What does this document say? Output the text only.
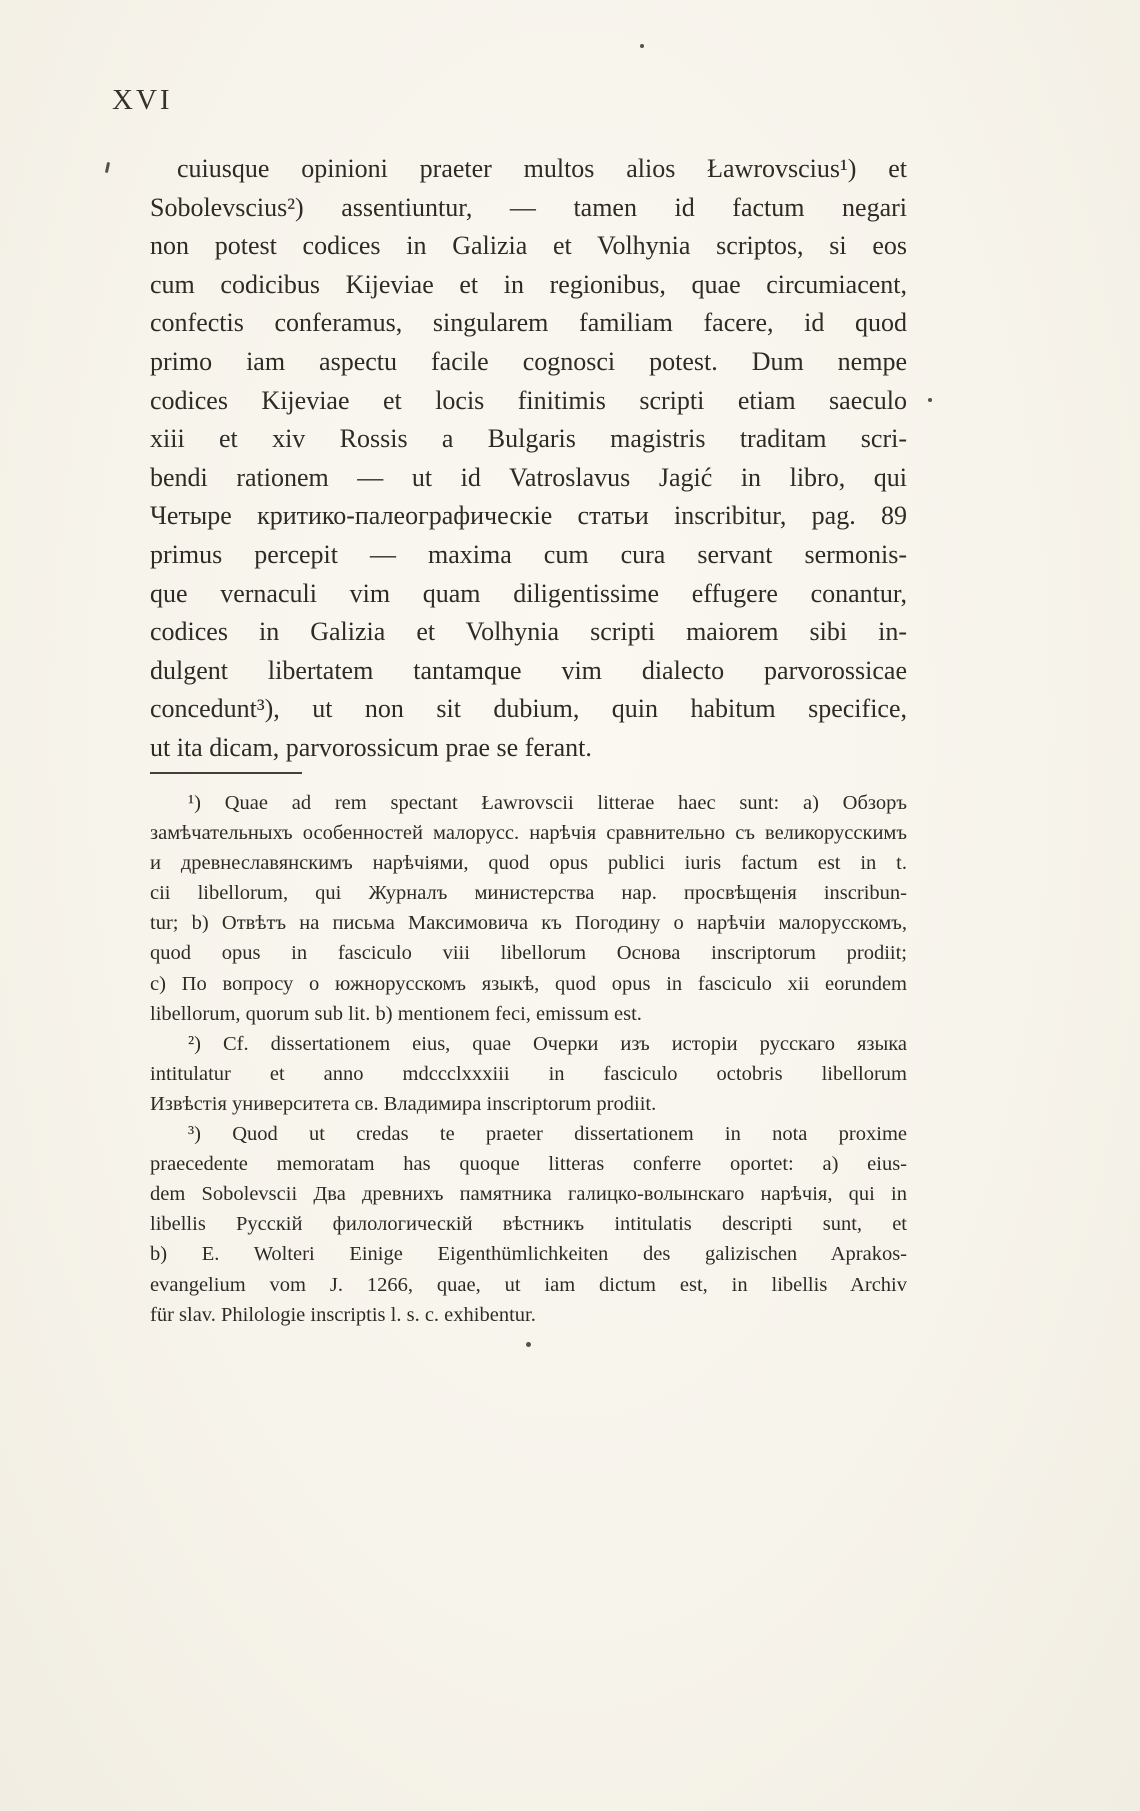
XVI
cuiusque opinioni praeter multos alios Ławrovscius¹) et
Sobolevscius²) assentiuntur, — tamen id factum negari
non potest codices in Galizia et Volhynia scriptos, si eos
cum codicibus Kijeviae et in regionibus, quae circumiacent,
confectis conferamus, singularem familiam facere, id quod
primo iam aspectu facile cognosci potest. Dum nempe
codices Kijeviae et locis finitimis scripti etiam saeculo
xiii et xiv Rossis a Bulgaris magistris traditam scri-
bendi rationem — ut id Vatroslavus Jagić in libro, qui
Четыре критико-палеографическіе статьи inscribitur, pag. 89
primus percepit — maxima cum cura servant sermonis-
que vernaculi vim quam diligentissime effugere conantur,
codices in Galizia et Volhynia scripti maiorem sibi in-
dulgent libertatem tantamque vim dialecto parvorossicae
concedunt³), ut non sit dubium, quin habitum specifice,
ut ita dicam, parvorossicum prae se ferant.
¹) Quae ad rem spectant Ławrovscii litterae haec sunt: a) Обзоръ
замѣчательныхъ особенностей малорусс. нарѣчія сравнительно съ великорусскимъ
и древнеславянскимъ нарѣчіями, quod opus publici iuris factum est in t.
cii libellorum, qui Журналъ министерства нар. просвѣщенія inscribun-
tur; b) Отвѣтъ на письма Максимовича къ Погодину о нарѣчіи малорусскомъ,
quod opus in fasciculo viii libellorum Основа inscriptorum prodiit;
c) По вопросу о южнорусскомъ языкѣ, quod opus in fasciculo xii eorundem
libellorum, quorum sub lit. b) mentionem feci, emissum est.
²) Cf. dissertationem eius, quae Очерки изъ исторіи русскаго языка
intitulatur et anno mdccclxxxiii in fasciculo octobris libellorum
Извѣстія университета св. Владимира inscriptorum prodiit.
³) Quod ut credas te praeter dissertationem in nota proxime
praecedente memoratam has quoque litteras conferre oportet: a) eius-
dem Sobolevscii Два древнихъ памятника галицко-волынскаго нарѣчія, qui in
libellis Русскій филологическій вѣстникъ intitulatis descripti sunt, et
b) E. Wolteri Einige Eigenthümlichkeiten des galizischen Aprakos-
evangelium vom J. 1266, quae, ut iam dictum est, in libellis Archiv
für slav. Philologie inscriptis l. s. c. exhibentur.
